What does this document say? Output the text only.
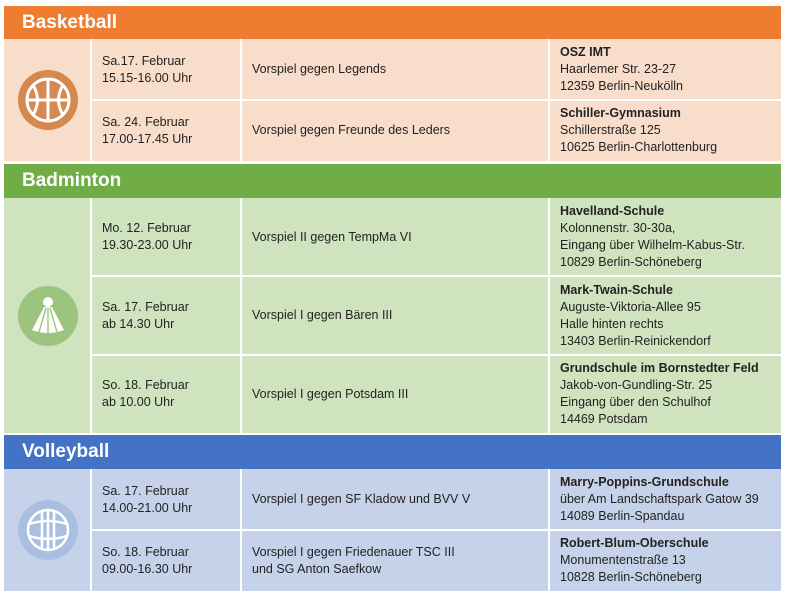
Basketball
Sa.17. Februar
15.15-16.00 Uhr
Vorspiel gegen Legends
OSZ IMT
Haarlemer Str. 23-27
12359 Berlin-Neukölln
Sa. 24. Februar
17.00-17.45 Uhr
Vorspiel gegen Freunde des Leders
Schiller-Gymnasium
Schillerstraße 125
10625 Berlin-Charlottenburg
Badminton
Mo. 12. Februar
19.30-23.00 Uhr
Vorspiel II gegen TempMa VI
Havelland-Schule
Kolonnenstr. 30-30a,
Eingang über Wilhelm-Kabus-Str.
10829 Berlin-Schöneberg
Sa. 17. Februar
ab 14.30 Uhr
Vorspiel I gegen Bären III
Mark-Twain-Schule
Auguste-Viktoria-Allee 95
Halle hinten rechts
13403 Berlin-Reinickendorf
So. 18. Februar
ab 10.00 Uhr
Vorspiel I gegen Potsdam III
Grundschule im Bornstedter Feld
Jakob-von-Gundling-Str. 25
Eingang über den Schulhof
14469 Potsdam
Volleyball
Sa. 17. Februar
14.00-21.00 Uhr
Vorspiel I gegen SF Kladow und BVV V
Marry-Poppins-Grundschule
über Am Landschaftspark Gatow 39
14089 Berlin-Spandau
So. 18. Februar
09.00-16.30 Uhr
Vorspiel I gegen Friedenauer TSC III
und SG Anton Saefkow
Robert-Blum-Oberschule
Monumentenstraße 13
10828 Berlin-Schöneberg
